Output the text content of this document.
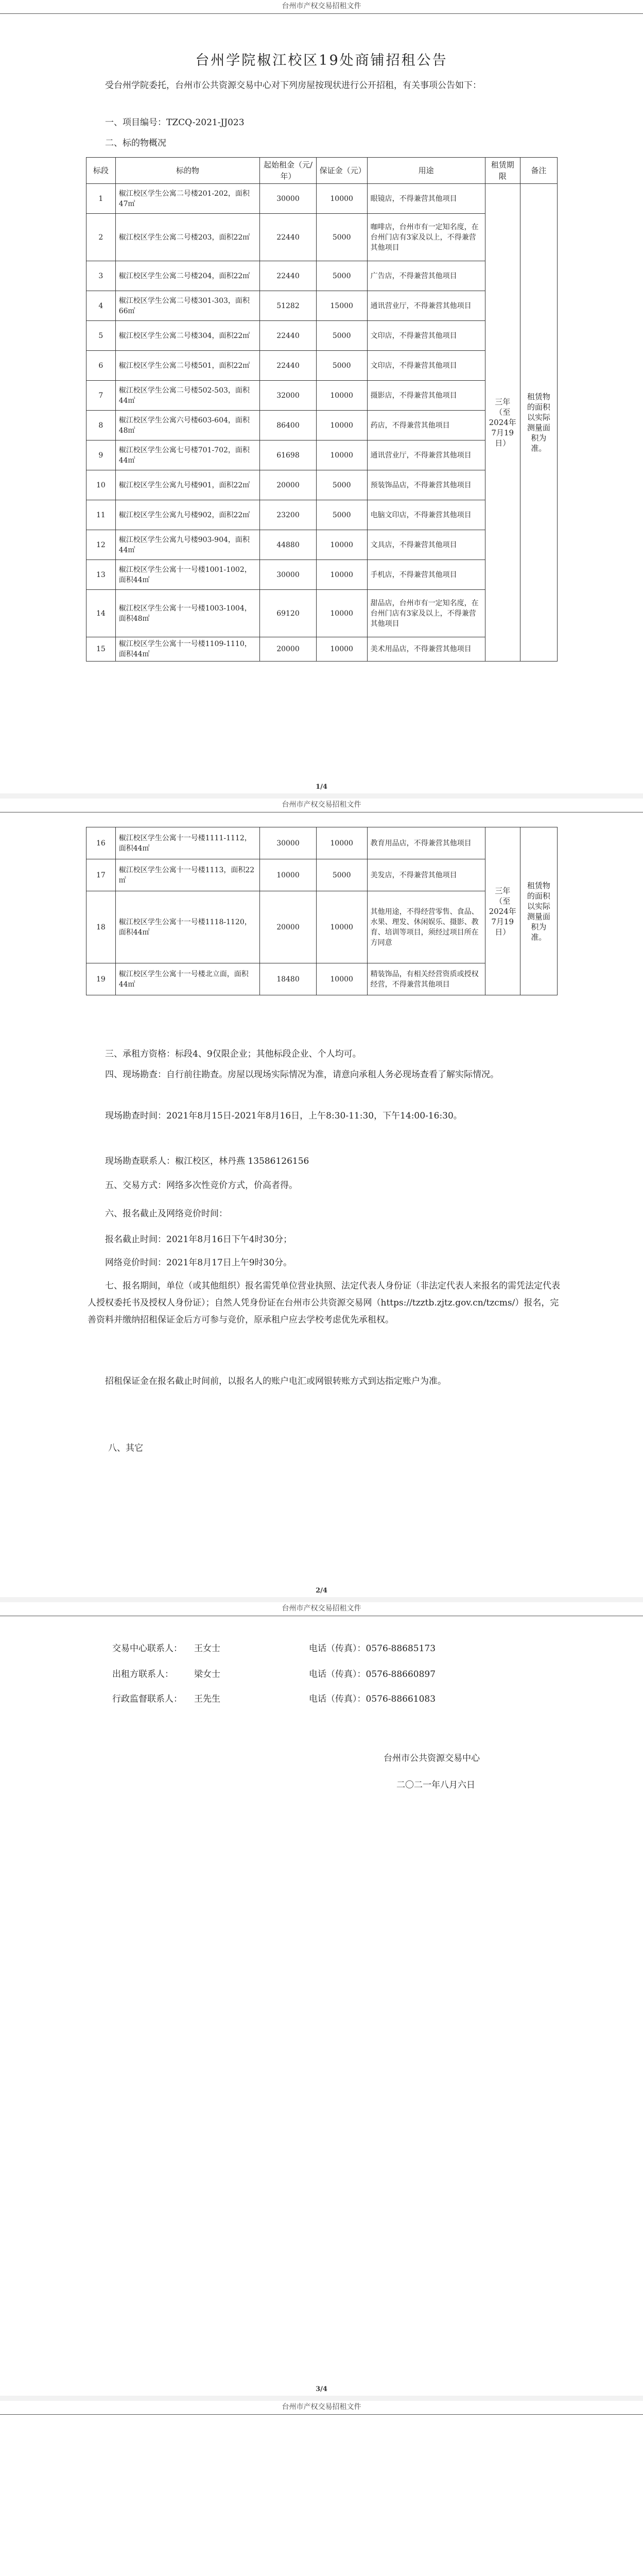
台州市产权交易招租文件
台州学院椒江校区19处商铺招租公告
受台州学院委托，台州市公共资源交易中心对下列房屋按现状进行公开招租，有关事项公告如下：
一、项目编号：TZCQ-2021-JJ023
二、标的物概况
标段	标的物	起始租金（元/年）	保证金（元）	用途	租赁期限	备注
1	椒江校区学生公寓二号楼201-202，面积47㎡	30000	10000	眼镜店，不得兼营其他项目	三年（至2024年7月19日）	租赁物的面积以实际测量面积为准。
2	椒江校区学生公寓二号楼203，面积22㎡	22440	5000	咖啡店，台州市有一定知名度，在台州门店有3家及以上，不得兼营其他项目		
3	椒江校区学生公寓二号楼204，面积22㎡	22440	5000	广告店，不得兼营其他项目		
4	椒江校区学生公寓二号楼301-303，面积66㎡	51282	15000	通讯营业厅，不得兼营其他项目		
5	椒江校区学生公寓二号楼304，面积22㎡	22440	5000	文印店，不得兼营其他项目		
6	椒江校区学生公寓二号楼501，面积22㎡	22440	5000	文印店，不得兼营其他项目		
7	椒江校区学生公寓二号楼502-503，面积44㎡	32000	10000	摄影店，不得兼营其他项目		
8	椒江校区学生公寓六号楼603-604，面积48㎡	86400	10000	药店，不得兼营其他项目		
9	椒江校区学生公寓七号楼701-702，面积44㎡	61698	10000	通讯营业厅，不得兼营其他项目		
10	椒江校区学生公寓九号楼901，面积22㎡	20000	5000	预装饰品店，不得兼营其他项目		
11	椒江校区学生公寓九号楼902，面积22㎡	23200	5000	电脑文印店，不得兼营其他项目		
12	椒江校区学生公寓九号楼903-904，面积44㎡	44880	10000	文具店，不得兼营其他项目		
13	椒江校区学生公寓十一号楼1001-1002，面积44㎡	30000	10000	手机店，不得兼营其他项目		
14	椒江校区学生公寓十一号楼1003-1004，面积48㎡	69120	10000	甜品店，台州市有一定知名度，在台州门店有3家及以上，不得兼营其他项目		
15	椒江校区学生公寓十一号楼1109-1110，面积44㎡	20000	10000	美术用品店，不得兼营其他项目		
1/4
台州市产权交易招租文件
16	椒江校区学生公寓十一号楼1111-1112，面积44㎡	30000	10000	教育用品店，不得兼营其他项目	三年（至2024年7月19日）	租赁物的面积以实际测量面积为准。
17	椒江校区学生公寓十一号楼1113，面积22㎡	10000	5000	美发店，不得兼营其他项目		
18	椒江校区学生公寓十一号楼1118-1120，面积44㎡	20000	10000	其他用途，不得经营零售、食品、水果、理发、休闲娱乐、摄影、教育、培训等项目，须经过项目所在方同意		
19	椒江校区学生公寓十一号楼北立面，面积44㎡	18480	10000	精装饰品，有相关经营资质或授权经营，不得兼营其他项目		
三、承租方资格：标段4、9仅限企业；其他标段企业、个人均可。
四、现场勘查：自行前往勘查。房屋以现场实际情况为准，请意向承租人务必现场查看了解实际情况。
现场勘查时间：2021年8月15日-2021年8月16日，上午8:30-11:30，下午14:00-16:30。
现场勘查联系人：椒江校区，林丹燕 13586126156
五、交易方式：网络多次性竞价方式，价高者得。
六、报名截止及网络竞价时间：
报名截止时间：2021年8月16日下午4时30分；
网络竞价时间：2021年8月17日上午9时30分。
七、报名期间，单位（或其他组织）报名需凭单位营业执照、法定代表人身份证（非法定代表人来报名的需凭法定代表人授权委托书及授权人身份证）；自然人凭身份证在台州市公共资源交易网（https://tzztb.zjtz.gov.cn/tzcms/）报名，完善资料并缴纳招租保证金后方可参与竞价，原承租户应去学校考虑优先承租权。
招租保证金在报名截止时间前，以报名人的账户电汇或网银转账方式到达指定账户为准。
八、其它
2/4
台州市产权交易招租文件
交易中心联系人： 王女士	电话（传真）：0576-88685173
出租方联系人： 梁女士	电话（传真）：0576-88660897
行政监督联系人： 王先生	电话（传真）：0576-88661083
台州市公共资源交易中心
二〇二一年八月六日
3/4
台州市产权交易招租文件
